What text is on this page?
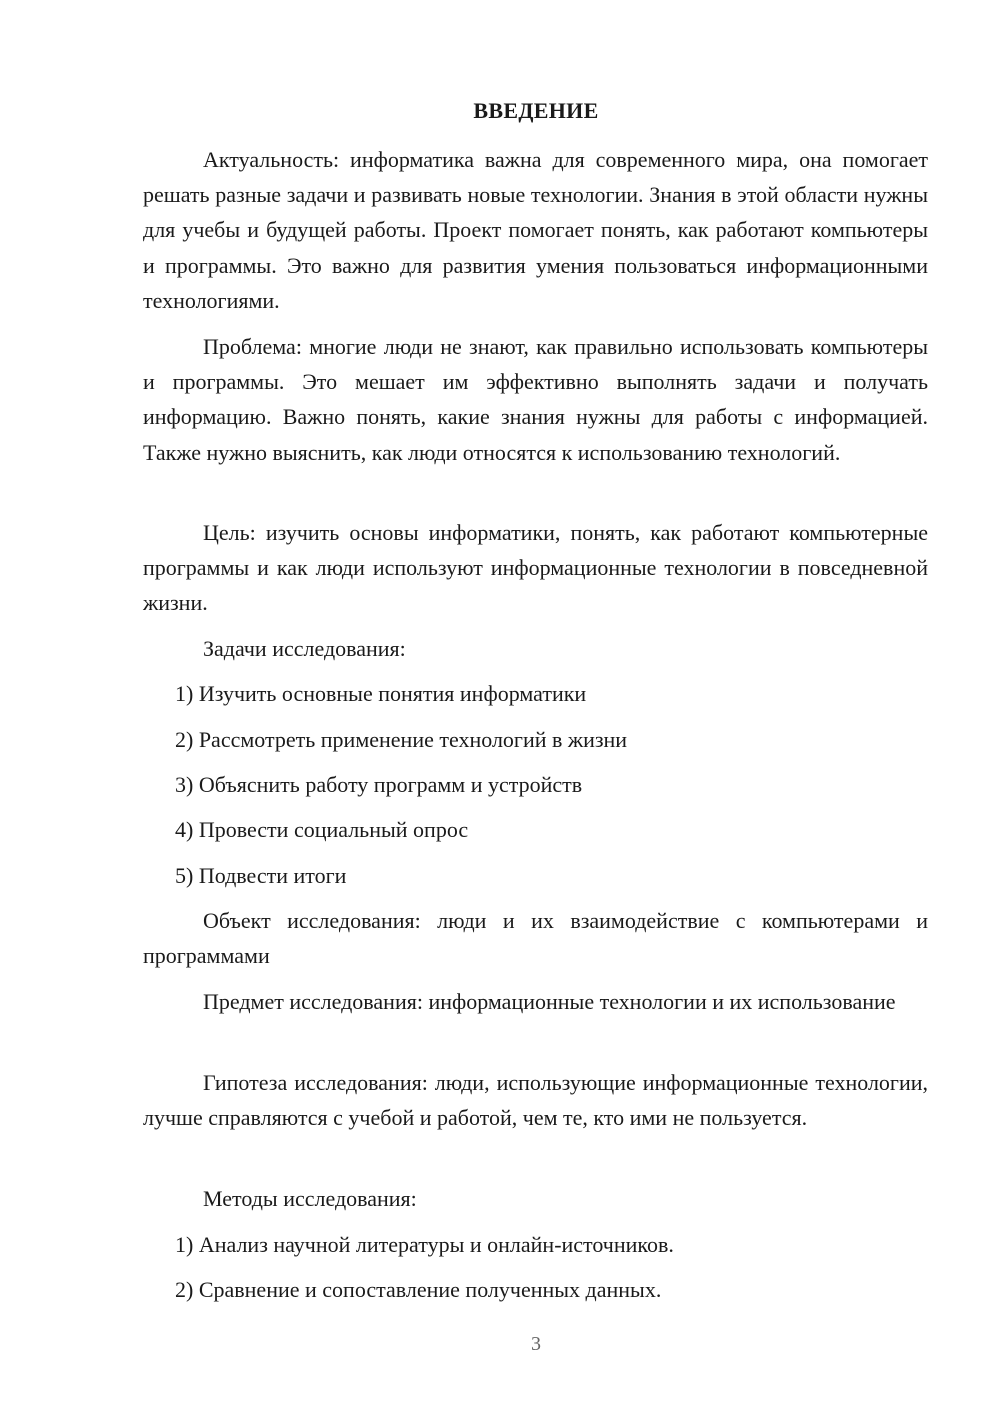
ВВЕДЕНИЕ

Актуальность: информатика важна для современного мира, она помогает решать разные задачи и развивать новые технологии. Знания в этой области нужны для учебы и будущей работы. Проект помогает понять, как работают компьютеры и программы. Это важно для развития умения пользоваться информационными технологиями.

Проблема: многие люди не знают, как правильно использовать компьютеры и программы. Это мешает им эффективно выполнять задачи и получать информацию. Важно понять, какие знания нужны для работы с информацией. Также нужно выяснить, как люди относятся к использованию технологий.

Цель: изучить основы информатики, понять, как работают компьютерные программы и как люди используют информационные технологии в повседневной жизни.

Задачи исследования:
1) Изучить основные понятия информатики
2) Рассмотреть применение технологий в жизни
3) Объяснить работу программ и устройств
4) Провести социальный опрос
5) Подвести итоги

Объект исследования: люди и их взаимодействие с компьютерами и программами

Предмет исследования: информационные технологии и их использование

Гипотеза исследования: люди, использующие информационные технологии, лучше справляются с учебой и работой, чем те, кто ими не пользуется.

Методы исследования:
1) Анализ научной литературы и онлайн-источников.
2) Сравнение и сопоставление полученных данных.
3
